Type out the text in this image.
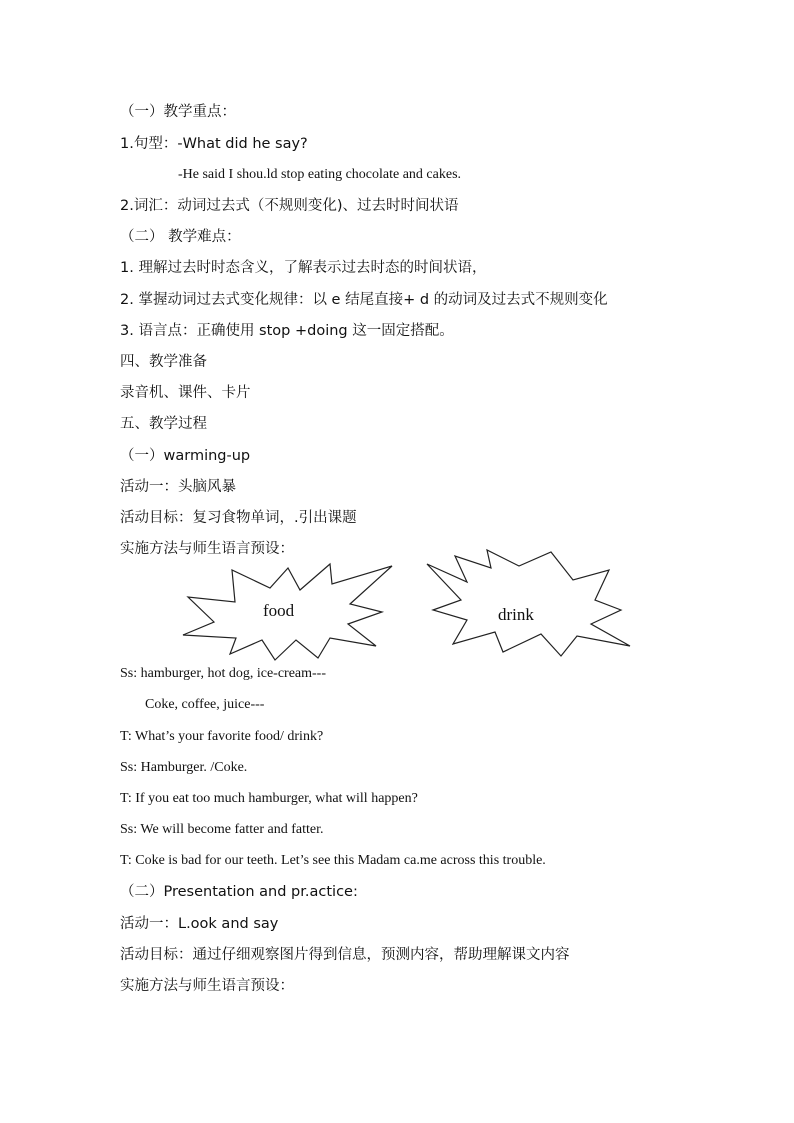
（一）教学重点：
1.句型：-What did he say?
-He said I shou.ld stop eating chocolate and cakes.
2.词汇：动词过去式（不规则变化)、过去时时间状语
（二） 教学难点：
1. 理解过去时时态含义，了解表示过去时态的时间状语，
2. 掌握动词过去式变化规律：以 e 结尾直接+ d 的动词及过去式不规则变化
3. 语言点：正确使用 stop +doing 这一固定搭配。
四、教学准备
录音机、课件、卡片
五、教学过程
（一）warming-up
活动一：头脑风暴
活动目标：复习食物单词，.引出课题
实施方法与师生语言预设：
food	drink
Ss: hamburger, hot dog, ice-cream---
Coke, coffee, juice---
T: What’s your favorite food/ drink?
Ss: Hamburger. /Coke.
T: If you eat too much hamburger, what will happen?
Ss: We will become fatter and fatter.
T: Coke is bad for our teeth. Let’s see this Madam ca.me across this trouble.
（二）Presentation and pr.actice:
活动一：L.ook and say
活动目标：通过仔细观察图片得到信息，预测内容，帮助理解课文内容
实施方法与师生语言预设：
